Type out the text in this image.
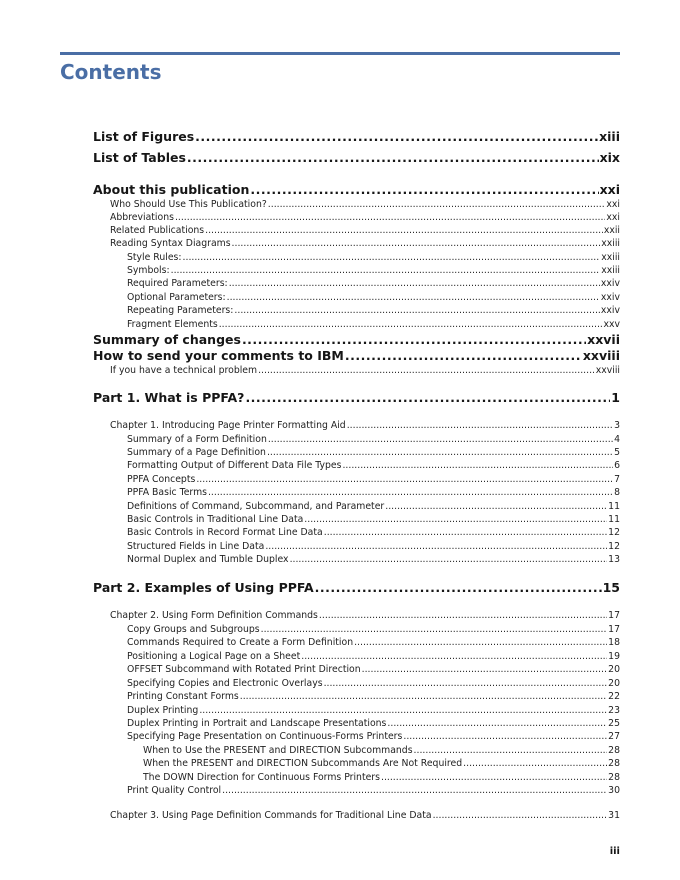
Contents
List of Figures .....	xiii
List of Tables .....	xix
About this publication .....	xxi
Who Should Use This Publication? .....	xxi
Abbreviations .....	xxi
Related Publications .....	xxii
Reading Syntax Diagrams .....	xxiii
Style Rules: .....	xxiii
Symbols: .....	xxiii
Required Parameters: .....	xxiv
Optional Parameters: .....	xxiv
Repeating Parameters: .....	xxiv
Fragment Elements .....	xxv
Summary of changes .....	xxvii
How to send your comments to IBM .....	xxviii
If you have a technical problem .....	xxviii
Part 1. What is PPFA? .....	1
Chapter 1. Introducing Page Printer Formatting Aid .....	3
Summary of a Form Definition .....	4
Summary of a Page Definition .....	5
Formatting Output of Different Data File Types .....	6
PPFA Concepts .....	7
PPFA Basic Terms .....	8
Definitions of Command, Subcommand, and Parameter .....	11
Basic Controls in Traditional Line Data .....	11
Basic Controls in Record Format Line Data .....	12
Structured Fields in Line Data .....	12
Normal Duplex and Tumble Duplex .....	13
Part 2. Examples of Using PPFA .....	15
Chapter 2. Using Form Definition Commands .....	17
Copy Groups and Subgroups .....	17
Commands Required to Create a Form Definition .....	18
Positioning a Logical Page on a Sheet .....	19
OFFSET Subcommand with Rotated Print Direction .....	20
Specifying Copies and Electronic Overlays .....	20
Printing Constant Forms .....	22
Duplex Printing .....	23
Duplex Printing in Portrait and Landscape Presentations .....	25
Specifying Page Presentation on Continuous-Forms Printers .....	27
When to Use the PRESENT and DIRECTION Subcommands .....	28
When the PRESENT and DIRECTION Subcommands Are Not Required .....	28
The DOWN Direction for Continuous Forms Printers .....	28
Print Quality Control .....	30
Chapter 3. Using Page Definition Commands for Traditional Line Data .....	31
iii
